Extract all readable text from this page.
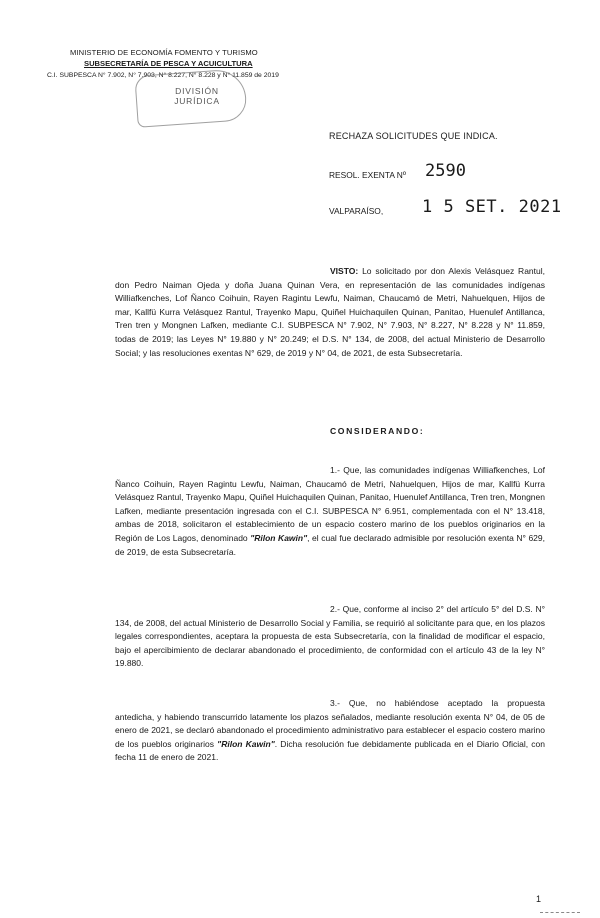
MINISTERIO DE ECONOMÍA FOMENTO Y TURISMO
SUBSECRETARÍA DE PESCA Y ACUICULTURA
C.I. SUBPESCA N° 7.902, N° 7.903, N° 8.227, N° 8.228 y N° 11.859 de 2019
DIVISIÓN
JURÍDICA
RECHAZA SOLICITUDES QUE INDICA.
RESOL. EXENTA Nº 2590
VALPARAÍSO, 1 5 SET. 2021
VISTO: Lo solicitado por don Alexis Velásquez Rantul, don Pedro Naiman Ojeda y doña Juana Quinan Vera, en representación de las comunidades indígenas Williafkenches, Lof Ñanco Coihuin, Rayen Ragintu Lewfu, Naiman, Chaucamó de Metri, Nahuelquen, Hijos de mar, Kallfü Kurra Velásquez Rantul, Trayenko Mapu, Quiñel Huichaquilen Quinan, Panitao, Huenulef Antillanca, Tren tren y Mongnen Lafken, mediante C.I. SUBPESCA N° 7.902, N° 7.903, N° 8.227, N° 8.228 y N° 11.859, todas de 2019; las Leyes N° 19.880 y N° 20.249; el D.S. N° 134, de 2008, del actual Ministerio de Desarrollo Social; y las resoluciones exentas N° 629, de 2019 y N° 04, de 2021, de esta Subsecretaría.
CONSIDERANDO:
1.- Que, las comunidades indígenas Williafkenches, Lof Ñanco Coihuin, Rayen Ragintu Lewfu, Naiman, Chaucamó de Metri, Nahuelquen, Hijos de mar, Kallfü Kurra Velásquez Rantul, Trayenko Mapu, Quiñel Huichaquilen Quinan, Panitao, Huenulef Antillanca, Tren tren, Mongnen Lafken, mediante presentación ingresada con el C.I. SUBPESCA N° 6.951, complementada con el N° 13.418, ambas de 2018, solicitaron el establecimiento de un espacio costero marino de los pueblos originarios en la Región de Los Lagos, denominado "Rilon Kawin", el cual fue declarado admisible por resolución exenta N° 629, de 2019, de esta Subsecretaría.
2.- Que, conforme al inciso 2° del artículo 5° del D.S. N° 134, de 2008, del actual Ministerio de Desarrollo Social y Familia, se requirió al solicitante para que, en los plazos legales correspondientes, aceptara la propuesta de esta Subsecretaría, con la finalidad de modificar el espacio, bajo el apercibimiento de declarar abandonado el procedimiento, de conformidad con el artículo 43 de la ley N° 19.880.
3.- Que, no habiéndose aceptado la propuesta antedicha, y habiendo transcurrido latamente los plazos señalados, mediante resolución exenta N° 04, de 05 de enero de 2021, se declaró abandonado el procedimiento administrativo para establecer el espacio costero marino de los pueblos originarios "Rilon Kawin". Dicha resolución fue debidamente publicada en el Diario Oficial, con fecha 11 de enero de 2021.
1
